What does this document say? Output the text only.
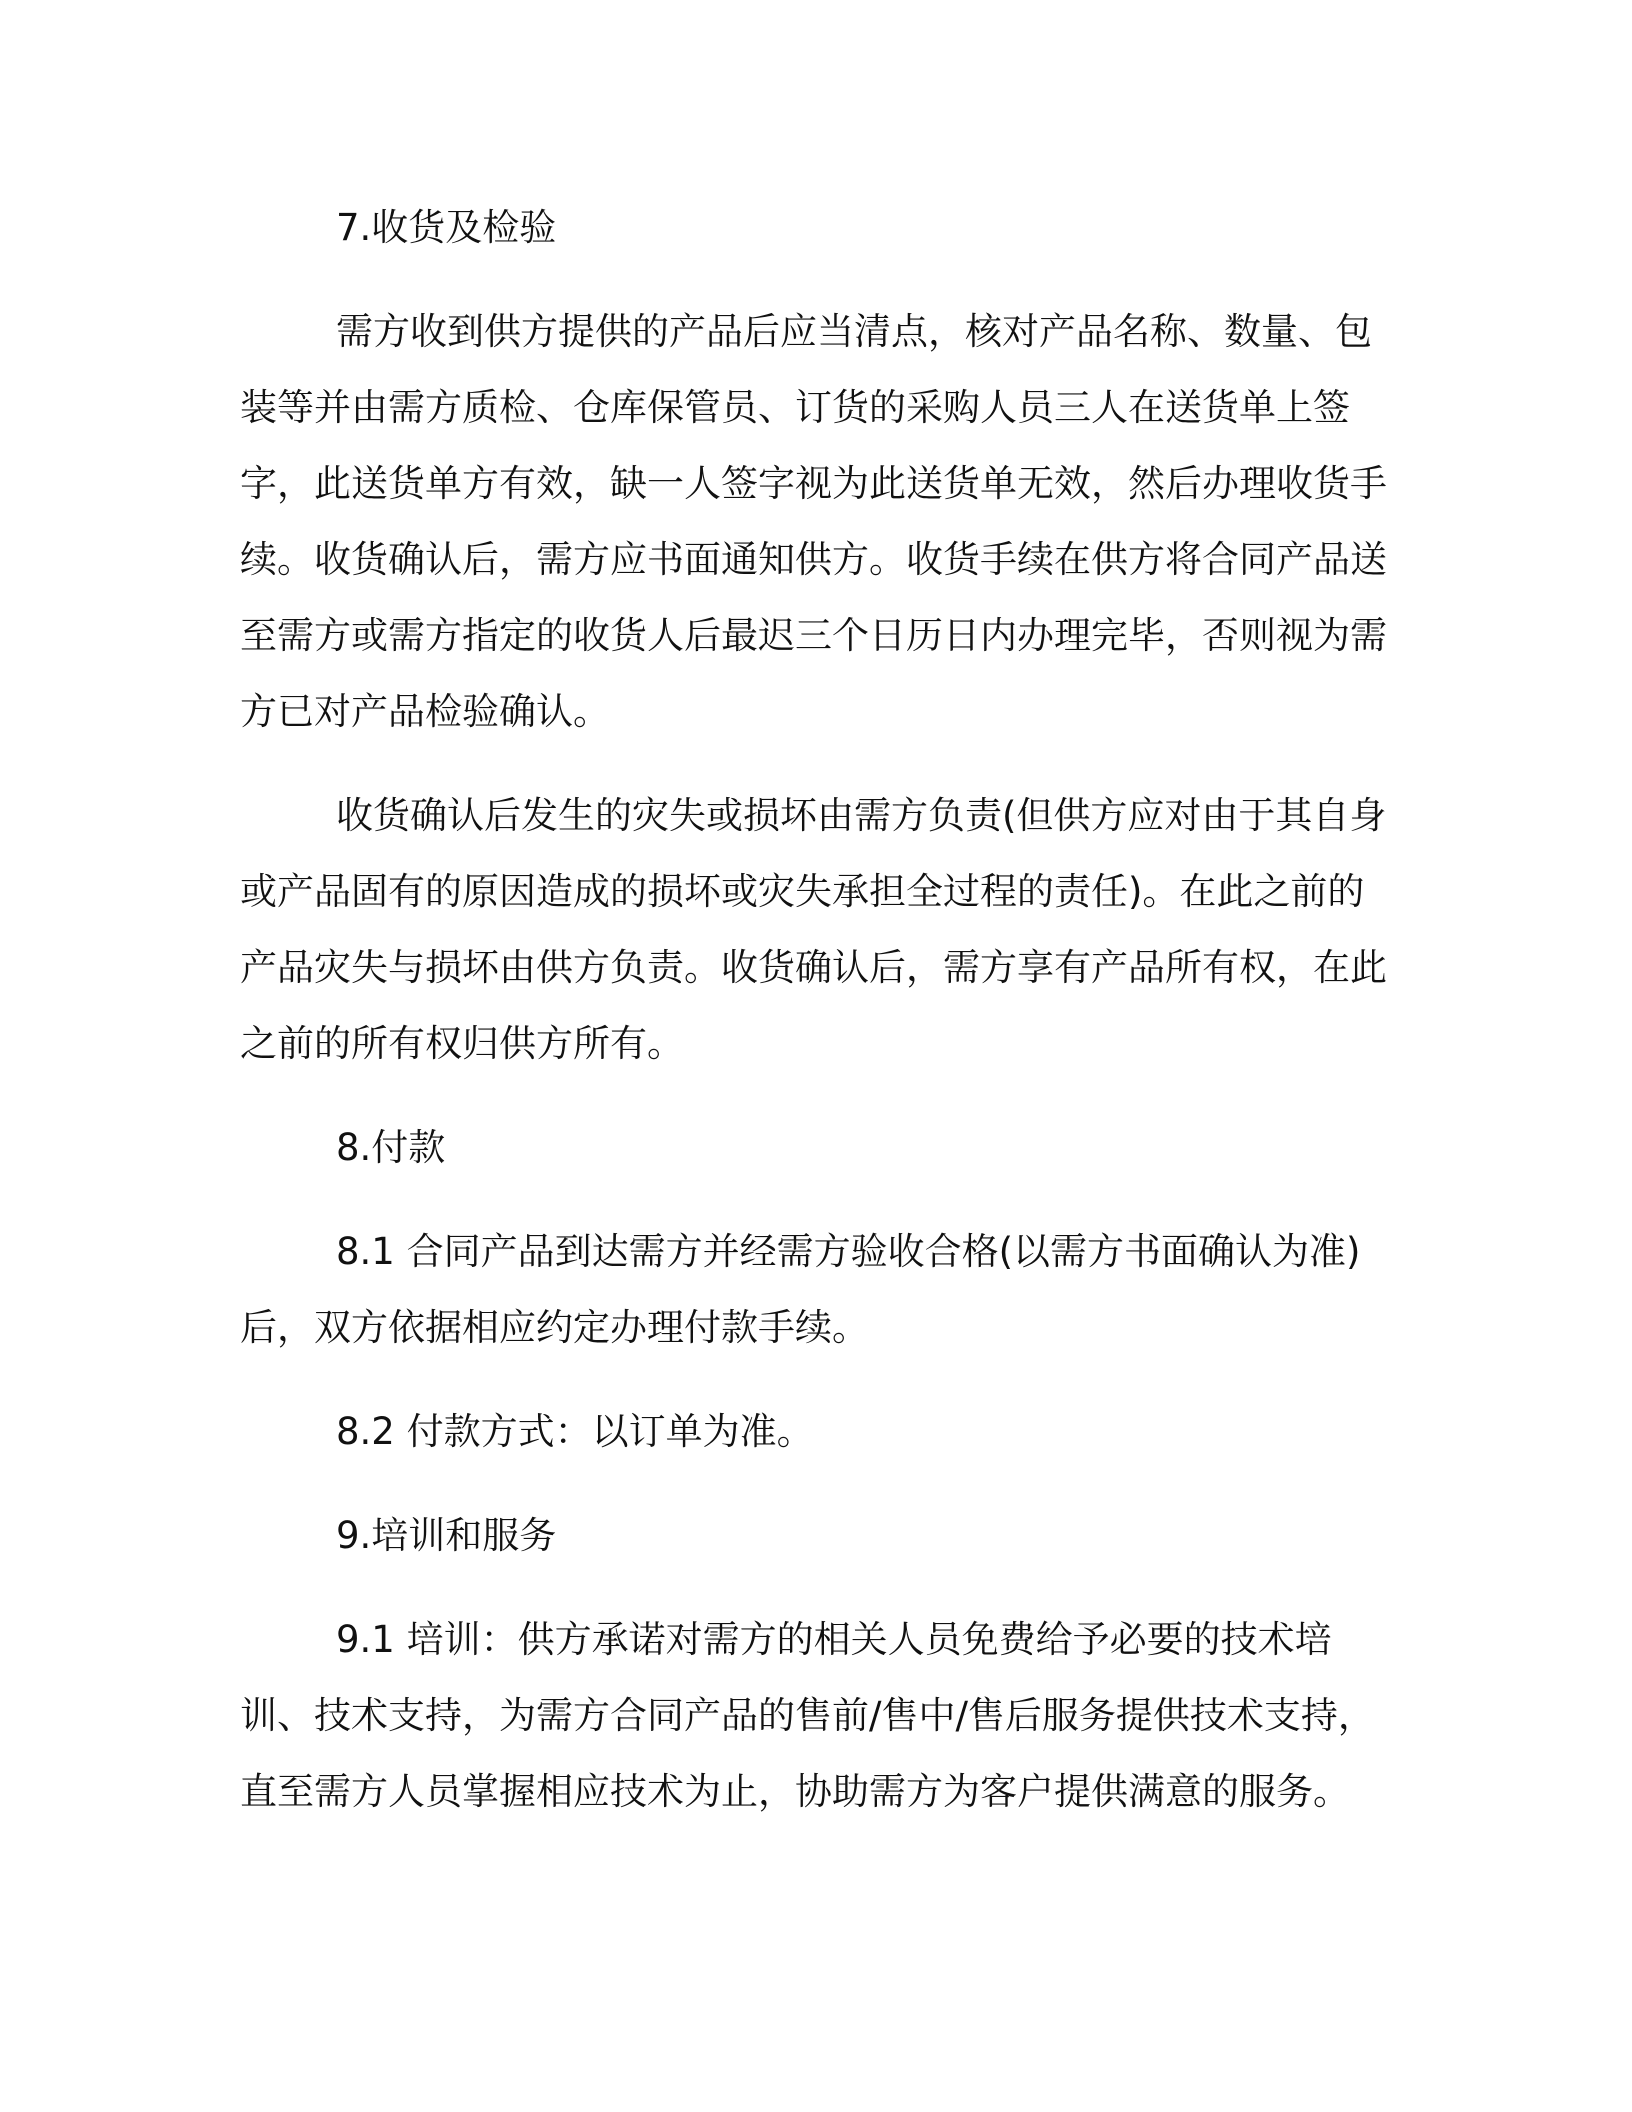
7.收货及检验

需方收到供方提供的产品后应当清点，核对产品名称、数量、包装等并由需方质检、仓库保管员、订货的采购人员三人在送货单上签字，此送货单方有效，缺一人签字视为此送货单无效，然后办理收货手续。收货确认后，需方应书面通知供方。收货手续在供方将合同产品送至需方或需方指定的收货人后最迟三个日历日内办理完毕，否则视为需方已对产品检验确认。

收货确认后发生的灾失或损坏由需方负责(但供方应对由于其自身或产品固有的原因造成的损坏或灾失承担全过程的责任)。在此之前的产品灾失与损坏由供方负责。收货确认后，需方享有产品所有权，在此之前的所有权归供方所有。

8.付款

8.1 合同产品到达需方并经需方验收合格(以需方书面确认为准)后，双方依据相应约定办理付款手续。

8.2 付款方式：以订单为准。

9.培训和服务

9.1 培训：供方承诺对需方的相关人员免费给予必要的技术培训、技术支持，为需方合同产品的售前/售中/售后服务提供技术支持，直至需方人员掌握相应技术为止，协助需方为客户提供满意的服务。
